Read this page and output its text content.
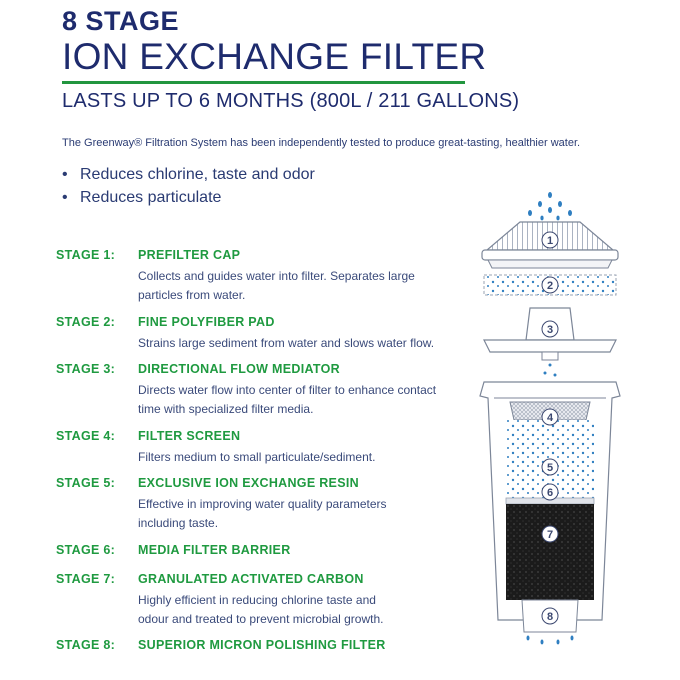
8 STAGE
ION EXCHANGE FILTER
LASTS UP TO 6 MONTHS (800L / 211 GALLONS)
The Greenway® Filtration System has been independently tested to produce great-tasting, healthier water.
• Reduces chlorine, taste and odor
• Reduces particulate
STAGE 1: PREFILTER CAP
Collects and guides water into filter. Separates large particles from water.
STAGE 2: FINE POLYFIBER PAD
Strains large sediment from water and slows water flow.
STAGE 3: DIRECTIONAL FLOW MEDIATOR
Directs water flow into center of filter to enhance contact time with specialized filter media.
STAGE 4: FILTER SCREEN
Filters medium to small particulate/sediment.
STAGE 5: EXCLUSIVE ION EXCHANGE RESIN
Effective in improving water quality parameters including taste.
STAGE 6: MEDIA FILTER BARRIER
STAGE 7: GRANULATED ACTIVATED CARBON
Highly efficient in reducing chlorine taste and odour and treated to prevent microbial growth.
STAGE 8: SUPERIOR MICRON POLISHING FILTER
1
2
3
4
5
6
7
8
